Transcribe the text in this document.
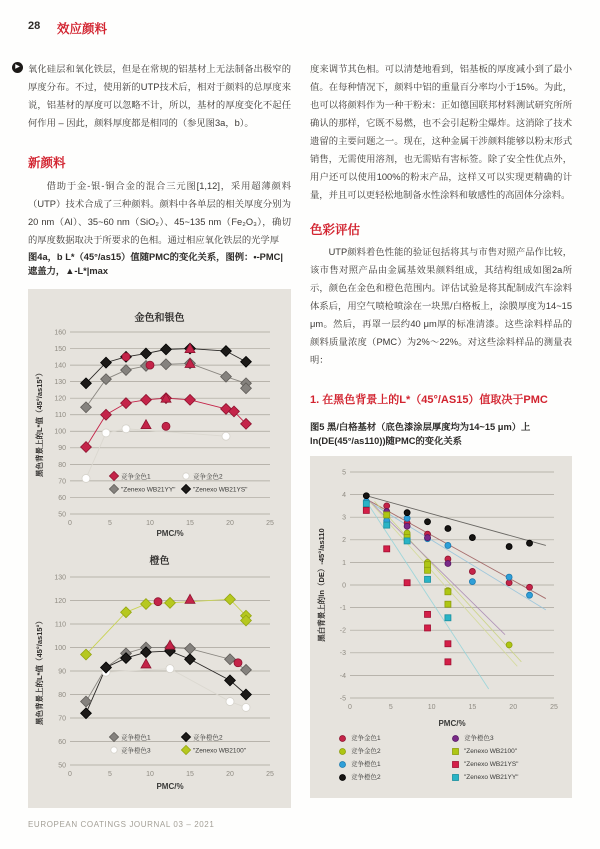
28 效应颜料
▶ 氧化硅层和氧化铁层，但是在常规的铝基材上无法制备出极窄的厚度分布。不过，使用新的UTP技术后，相对于颜料的总厚度来说，铝基材的厚度可以忽略不计，所以，基材的厚度变化不起任何作用 – 因此，颜料厚度都是相同的（参见图3a，b）。
新颜料
借助于金-银-铜合金的混合三元图[1,12]，采用超薄颜料（UTP）技术合成了三种颜料。颜料中各单层的相关厚度分别为20 nm（Al）、35~60 nm（SiO₂）、45~135 nm（Fe₂O₃），确切的厚度数据取决于所要求的色相。通过相应氧化铁层的光学厚
图4a，b L*（45°/as15）值随PMC的变化关系，图例：•-PMC|遮盖力，▲-L*|max
金色和银色
50
60
70
80
90
100
110
120
130
140
150
160
0	5	10	15	20	25
PMC/%
黑色背景上的L*值（45°/as15°）	竞争金色1	竞争金色2
"Zenexo WB21YY"	"Zenexo WB21YS"
橙色
50
60
70
80
90
100
110
120
130
0	5	10	15	20	25
PMC/%
黑色背景上的L*值（45°/as15°）
竞争橙色1	竞争橙色2
竞争橙色3	"Zenexo WB2100"
度来调节其色相。可以清楚地看到，铝基板的厚度减小到了最小值。在每种情况下，颜料中铝的重量百分率均小于15%。为此，也可以将颜料作为一种干粉末：正如德国联邦材料测试研究所所确认的那样，它既不易燃，也不会引起粉尘爆炸。这消除了技术遗留的主要问题之一。现在，这种金属干涉颜料能够以粉末形式销售，无需使用溶剂，也无需贴有害标签。除了安全性优点外，用户还可以使用100%的粉末产品，这样又可以实现更精确的计量，并且可以更轻松地制备水性涂料和敏感性的高固体分涂料。
色彩评估
UTP颜料着色性能的验证包括将其与市售对照产品作比较，该市售对照产品由金属基效果颜料组成，其结构组成如图2a所示，颜色在金色和橙色范围内。评估试验是将其配制成汽车涂料体系后，用空气喷枪喷涂在一块黑/白格板上，涂膜厚度为14~15 μm。然后，再罩一层约40 μm厚的标准清漆。这些涂料样品的颜料质量浓度（PMC）为2%～22%。对这些涂料样品的测量表明：
1. 在黑色背景上的L*（45°/AS15）值取决于PMC
图5 黑/白格基材（底色漆涂层厚度均为14~15 μm）上 ln(DE(45°/as110))随PMC的变化关系
-5
-4
-3
-2
-1
0
1
2
3
4
5
0	5	10	15	20	25
PMC/%
黑白背景上的ln（DE）-45°/as110
竞争金色1
竞争金色2
竞争橙色1
竞争橙色2
竞争橙色3
"Zenexo WB2100"
"Zenexo WB21YS"
"Zenexo WB21YY"
EUROPEAN COATINGS JOURNAL 03 – 2021
